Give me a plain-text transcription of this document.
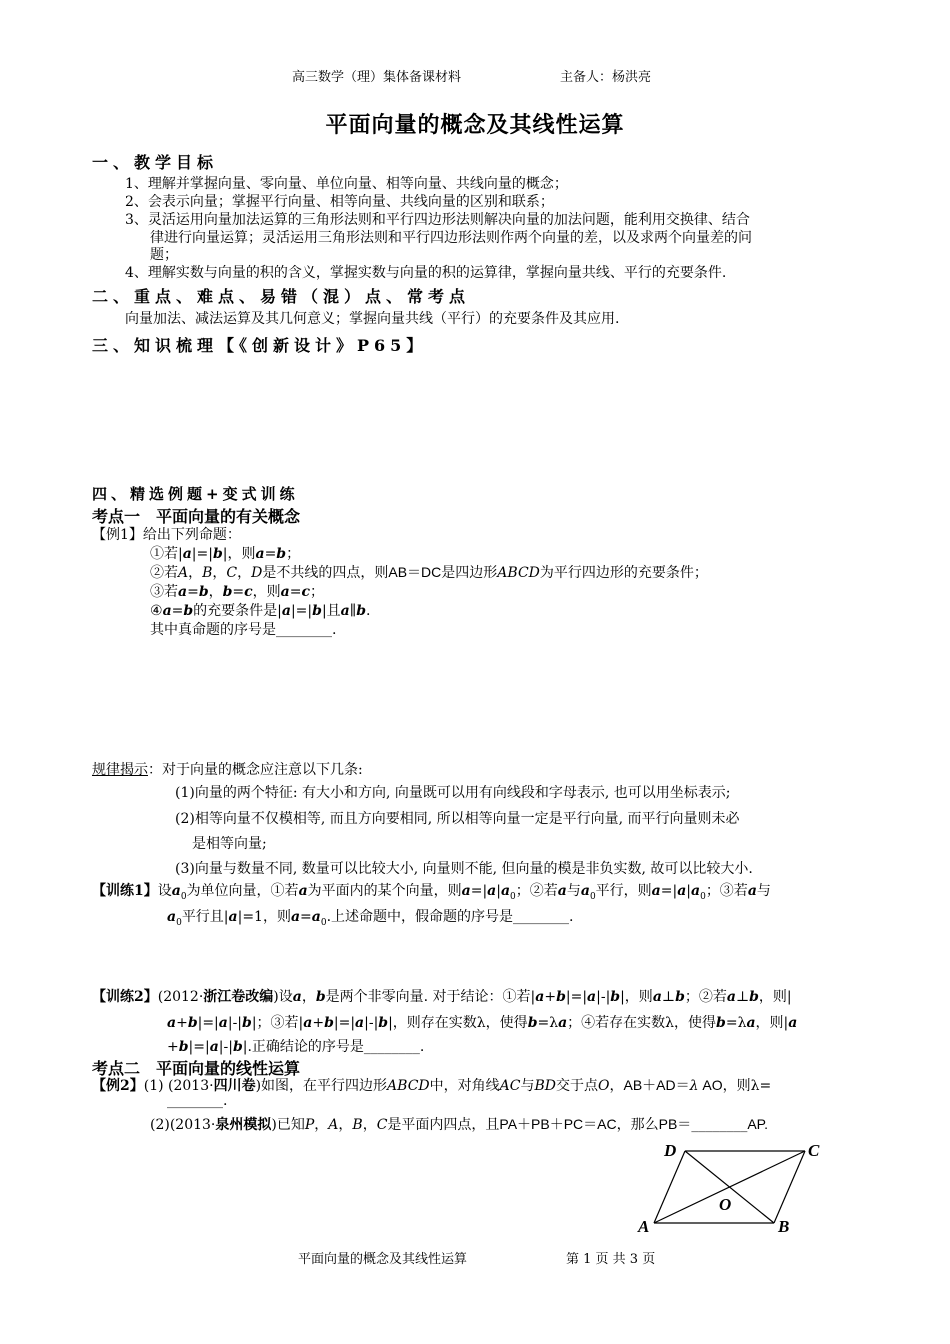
高三数学（理）集体备课材料	主备人：杨洪亮
平面向量的概念及其线性运算
一、教学目标
1、理解并掌握向量、零向量、单位向量、相等向量、共线向量的概念；
2、会表示向量；掌握平行向量、相等向量、共线向量的区别和联系；
3、灵活运用向量加法运算的三角形法则和平行四边形法则解决向量的加法问题，能利用交换律、结合
律进行向量运算；灵活运用三角形法则和平行四边形法则作两个向量的差，以及求两个向量差的问
题；
4、理解实数与向量的积的含义，掌握实数与向量的积的运算律，掌握向量共线、平行的充要条件.
二、重点、难点、易错（混）点、常考点
向量加法、减法运算及其几何意义；掌握向量共线（平行）的充要条件及其应用.
三、知识梳理【《创新设计》P65】
四、精选例题+变式训练
考点一　平面向量的有关概念
【例1】给出下列命题：
①若|a|=|b|，则a=b；
②若A，B，C，D是不共线的四点，则AB＝DC是四边形ABCD为平行四边形的充要条件；
③若a=b，b=c，则a=c；
④a=b的充要条件是|a|=|b|且a∥b.
其中真命题的序号是________.
规律揭示：对于向量的概念应注意以下几条:
(1)向量的两个特征: 有大小和方向, 向量既可以用有向线段和字母表示, 也可以用坐标表示;
(2)相等向量不仅模相等, 而且方向要相同, 所以相等向量一定是平行向量, 而平行向量则未必
是相等向量;
(3)向量与数量不同, 数量可以比较大小, 向量则不能, 但向量的模是非负实数, 故可以比较大小.
【训练1】设$a_0$为单位向量，①若a为平面内的某个向量，则$a=|a|a_0$；②若a与$a_0$平行，则$a=|a|a_0$；③若a与
$a_0$平行且|a|=1，则$a=a_0$.上述命题中，假命题的序号是________.
【训练2】(2012·浙江卷改编)设a，b是两个非零向量. 对于结论：①若|a+b|=|a|-|b|，则a⊥b；②若a⊥b，则|
a+b|=|a|-|b|；③若|a+b|=|a|-|b|，则存在实数λ，使得b=λa；④若存在实数λ，使得b=λa，则|a
+b|=|a|-|b|.正确结论的序号是________.
考点二　平面向量的线性运算
【例2】(1) (2013·四川卷)如图，在平行四边形ABCD中，对角线AC与BD交于点O，AB＋AD＝λ AO，则λ=
________.
(2)(2013·泉州模拟)已知P，A，B，C是平面内四点，且PA＋PB＋PC＝AC，那么PB＝________AP.
D	C
O
A	B
平面向量的概念及其线性运算	第 1 页 共 3 页
